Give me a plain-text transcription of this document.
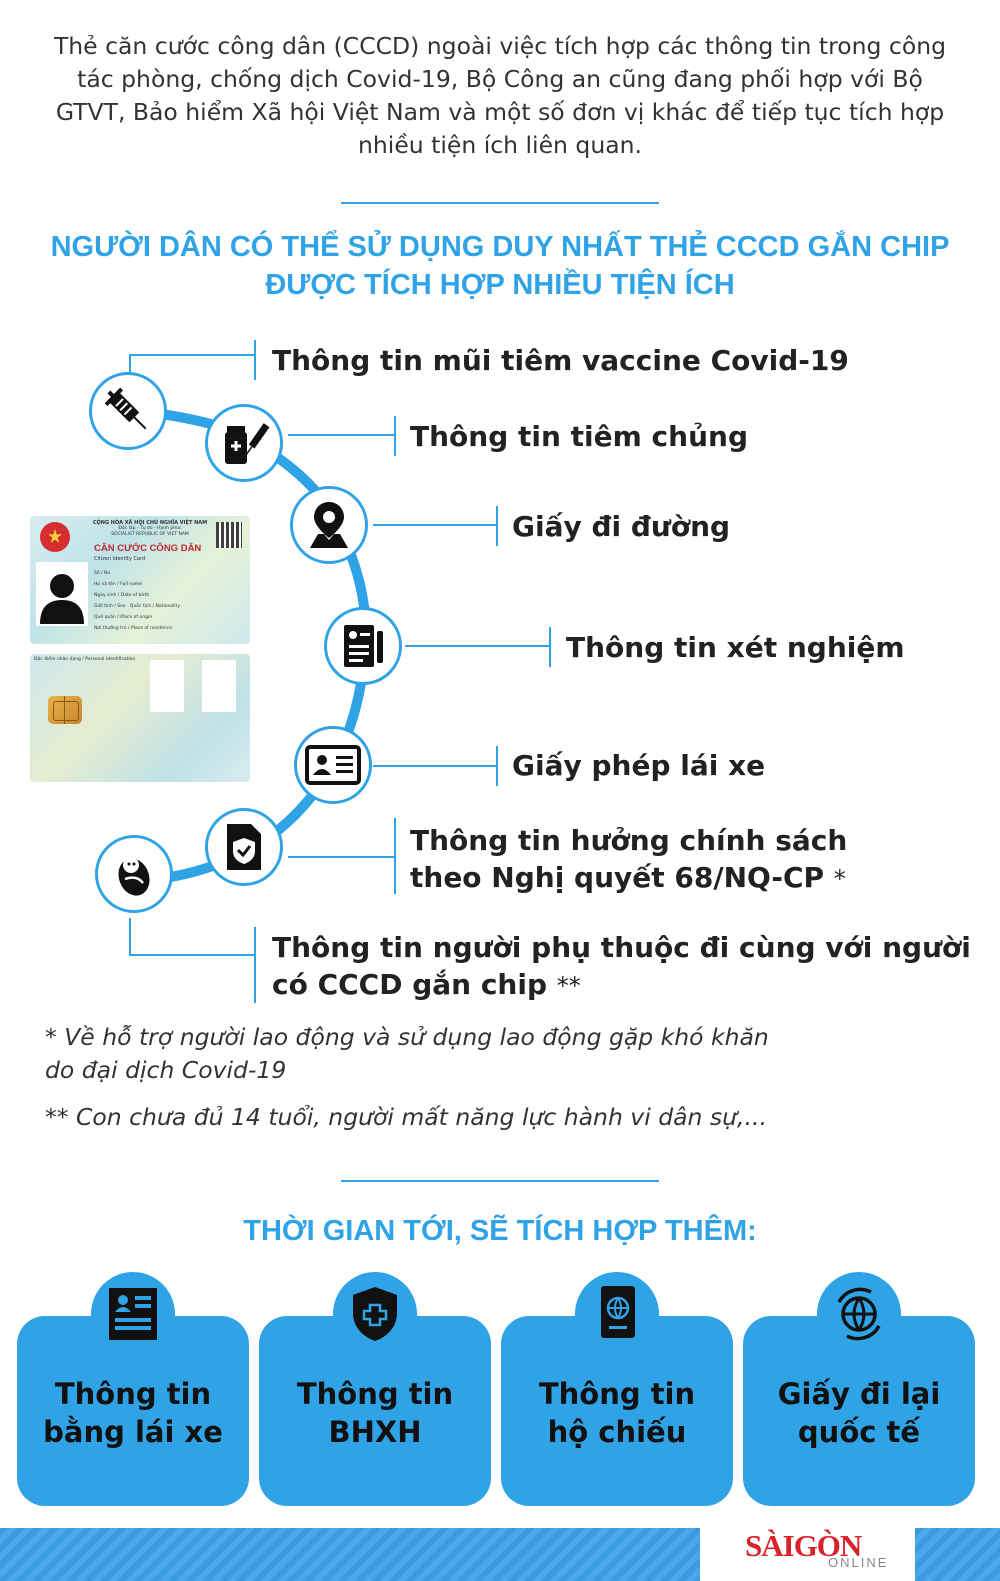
Thẻ căn cước công dân (CCCD) ngoài việc tích hợp các thông tin trong công tác phòng, chống dịch Covid-19, Bộ Công an cũng đang phối hợp với Bộ GTVT, Bảo hiểm Xã hội Việt Nam và một số đơn vị khác để tiếp tục tích hợp nhiều tiện ích liên quan.
NGƯỜI DÂN CÓ THỂ SỬ DỤNG DUY NHẤT THẺ CCCD GẮN CHIP
ĐƯỢC TÍCH HỢP NHIỀU TIỆN ÍCH
Thông tin mũi tiêm vaccine Covid-19
Thông tin tiêm chủng
Giấy đi đường
Thông tin xét nghiệm
Giấy phép lái xe
Thông tin hưởng chính sách
theo Nghị quyết 68/NQ-CP *
Thông tin người phụ thuộc đi cùng với người
có CCCD gắn chip **
CỘNG HÒA XÃ HỘI CHỦ NGHĨA VIỆT NAM
Độc lập - Tự do - Hạnh phúc
SOCIALIST REPUBLIC OF VIET NAM
CĂN CƯỚC CÔNG DÂN
Citizen Identity Card
Số / No.
Họ và tên / Full name
Ngày sinh / Date of birth
Giới tính / Sex Quốc tịch / Nationality
Quê quán / Place of origin
Nơi thường trú / Place of residence
Đặc điểm nhân dạng / Personal identification
* Về hỗ trợ người lao động và sử dụng lao động gặp khó khăn
do đại dịch Covid-19
** Con chưa đủ 14 tuổi, người mất năng lực hành vi dân sự,...
THỜI GIAN TỚI, SẼ TÍCH HỢP THÊM:
Thông tin
bằng lái xe
Thông tin
BHXH
Thông tin
hộ chiếu
Giấy đi lại
quốc tế
SÀIGÒN
ONLINE
